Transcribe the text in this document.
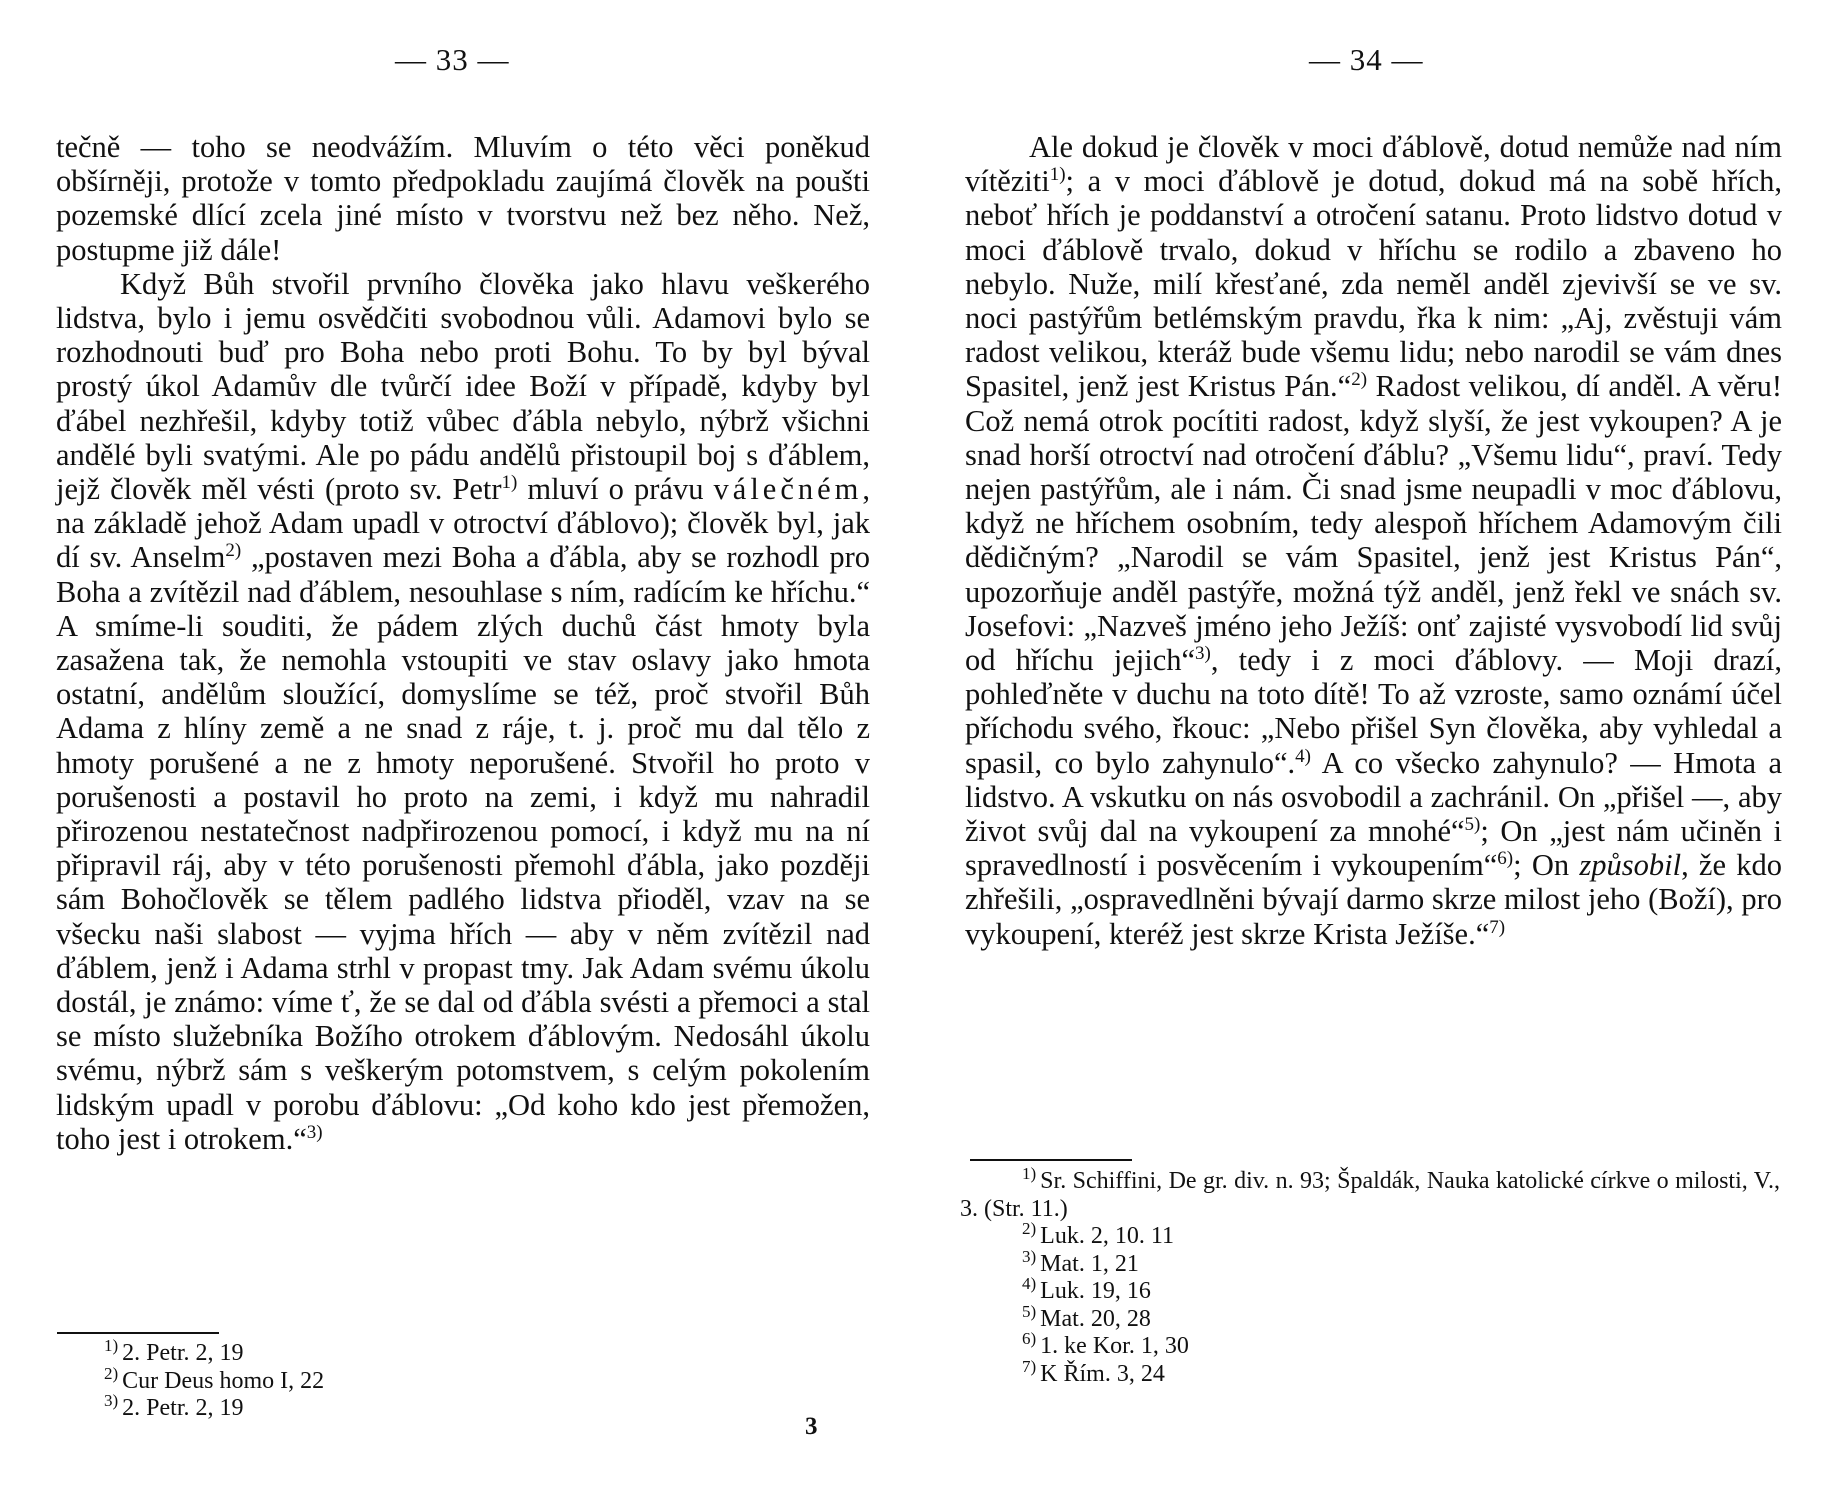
— 33 —

tečně — toho se neodvážím. Mluvím o této věci poněkud obšírněji, protože v tomto předpokladu zaujímá člověk na poušti pozemské dlící zcela jiné místo v tvorstvu než bez něho. Než, postupme již dále!

Když Bůh stvořil prvního člověka jako hlavu veškerého lidstva, bylo i jemu osvědčiti svobodnou vůli. Adamovi bylo se rozhodnouti buď pro Boha nebo proti Bohu. To by byl býval prostý úkol Adamův dle tvůrčí idee Boží v případě, kdyby byl ďábel nezhřešil, kdyby totiž vůbec ďábla nebylo, nýbrž všichni andělé byli svatými. Ale po pádu andělů přistoupil boj s ďáblem, jejž člověk měl vésti (proto sv. Petr$^{1)}$ mluví o právu válečném, na základě jehož Adam upadl v otroctví ďáblovo); člověk byl, jak dí sv. Anselm$^{2)}$ „postaven mezi Boha a ďábla, aby se rozhodl pro Boha a zvítězil nad ďáblem, nesouhlase s ním, radícím ke hříchu.“ A smíme-li souditi, že pádem zlých duchů část hmoty byla zasažena tak, že nemohla vstoupiti ve stav oslavy jako hmota ostatní, andělům sloužící, domyslíme se též, proč stvořil Bůh Adama z hlíny země a ne snad z ráje, t. j. proč mu dal tělo z hmoty porušené a ne z hmoty neporušené. Stvořil ho proto v porušenosti a postavil ho proto na zemi, i když mu nahradil přirozenou nestatečnost nadpřirozenou pomocí, i když mu na ní připravil ráj, aby v této porušenosti přemohl ďábla, jako později sám Bohočlověk se tělem padlého lidstva přioděl, vzav na se všecku naši slabost — vyjma hřích — aby v něm zvítězil nad ďáblem, jenž i Adama strhl v propast tmy. Jak Adam svému úkolu dostál, je známo: víme ť, že se dal od ďábla svésti a přemoci a stal se místo služebníka Božího otrokem ďáblovým. Nedosáhl úkolu svému, nýbrž sám s veškerým potomstvem, s celým pokolením lidským upadl v porobu ďáblovu: „Od koho kdo jest přemožen, toho jest i otrokem.“$^{3)}$

$^{1)}$ 2. Petr. 2, 19

$^{2)}$ Cur Deus homo I, 22

$^{3)}$ 2. Petr. 2, 19

3
— 34 —

Ale dokud je člověk v moci ďáblově, dotud nemůže nad ním vítěziti$^{1)}$; a v moci ďáblově je dotud, dokud má na sobě hřích, neboť hřích je poddanství a otročení satanu. Proto lidstvo dotud v moci ďáblově trvalo, dokud v hříchu se rodilo a zbaveno ho nebylo. Nuže, milí křesťané, zda neměl anděl zjevivší se ve sv. noci pastýřům betlémským pravdu, řka k nim: „Aj, zvěstuji vám radost velikou, kteráž bude všemu lidu; nebo narodil se vám dnes Spasitel, jenž jest Kristus Pán.“$^{2)}$ Radost velikou, dí anděl. A věru! Což nemá otrok pocítiti radost, když slyší, že jest vykoupen? A je snad horší otroctví nad otročení ďáblu? „Všemu lidu“, praví. Tedy nejen pastýřům, ale i nám. Či snad jsme neupadli v moc ďáblovu, když ne hříchem osobním, tedy alespoň hříchem Adamovým čili dědičným? „Narodil se vám Spasitel, jenž jest Kristus Pán“, upozorňuje anděl pastýře, možná týž anděl, jenž řekl ve snách sv. Josefovi: „Nazveš jméno jeho Ježíš: onť zajisté vysvobodí lid svůj od hříchu jejich“$^{3)}$, tedy i z moci ďáblovy. — Moji drazí, pohleďněte v duchu na toto dítě! To až vzroste, samo oznámí účel příchodu svého, řkouc: „Nebo přišel Syn člověka, aby vyhledal a spasil, co bylo zahynulo“.$^{4)}$ A co všecko zahynulo? — Hmota a lidstvo. A vskutku on nás osvobodil a zachránil. On „přišel —, aby život svůj dal na vykoupení za mnohé“$^{5)}$; On „jest nám učiněn i spravedlností i posvěcením i vykoupením“$^{6)}$; On způsobil, že kdo zhřešili, „ospravedlněni bývají darmo skrze milost jeho (Boží), pro vykoupení, kteréž jest skrze Krista Ježíše.“$^{7)}$

$^{1)}$ Sr. Schiffini, De gr. div. n. 93; Špaldák, Nauka katolické církve o milosti, V., 3. (Str. 11.)

$^{2)}$ Luk. 2, 10. 11

$^{3)}$ Mat. 1, 21

$^{4)}$ Luk. 19, 16

$^{5)}$ Mat. 20, 28

$^{6)}$ 1. ke Kor. 1, 30

$^{7)}$ K Řím. 3, 24
